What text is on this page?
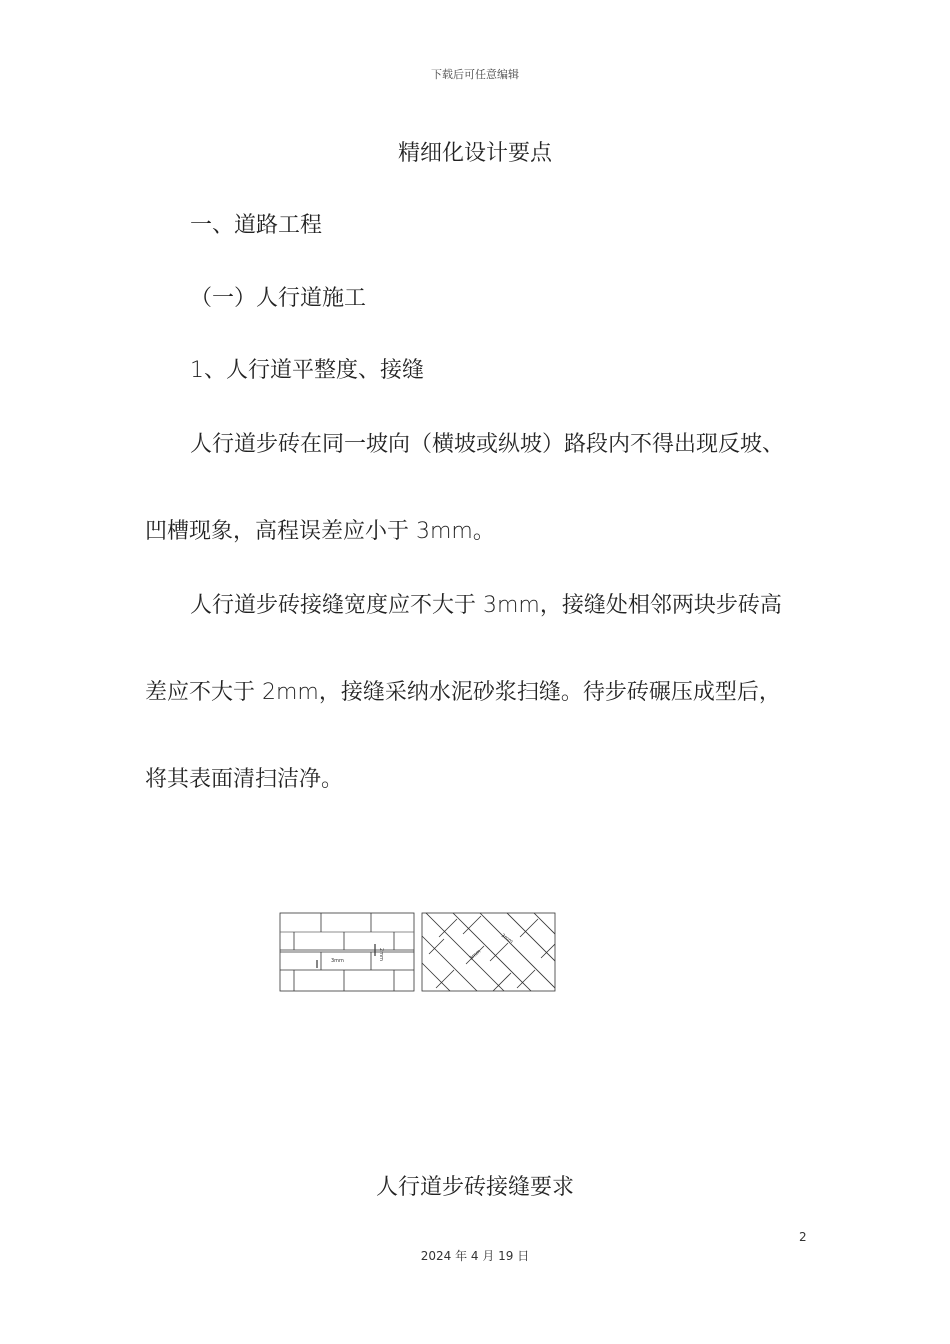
下载后可任意编辑
精细化设计要点
一、道路工程
（一）人行道施工
1、人行道平整度、接缝
人行道步砖在同一坡向（横坡或纵坡）路段内不得出现反坡、
凹槽现象，高程误差应小于 3mm。
人行道步砖接缝宽度应不大于 3mm，接缝处相邻两块步砖高
差应不大于 2mm，接缝采纳水泥砂浆扫缝。待步砖碾压成型后，
将其表面清扫洁净。
3mm
2mm
3mm
3mm
人行道步砖接缝要求
2
2024 年 4 月 19 日
